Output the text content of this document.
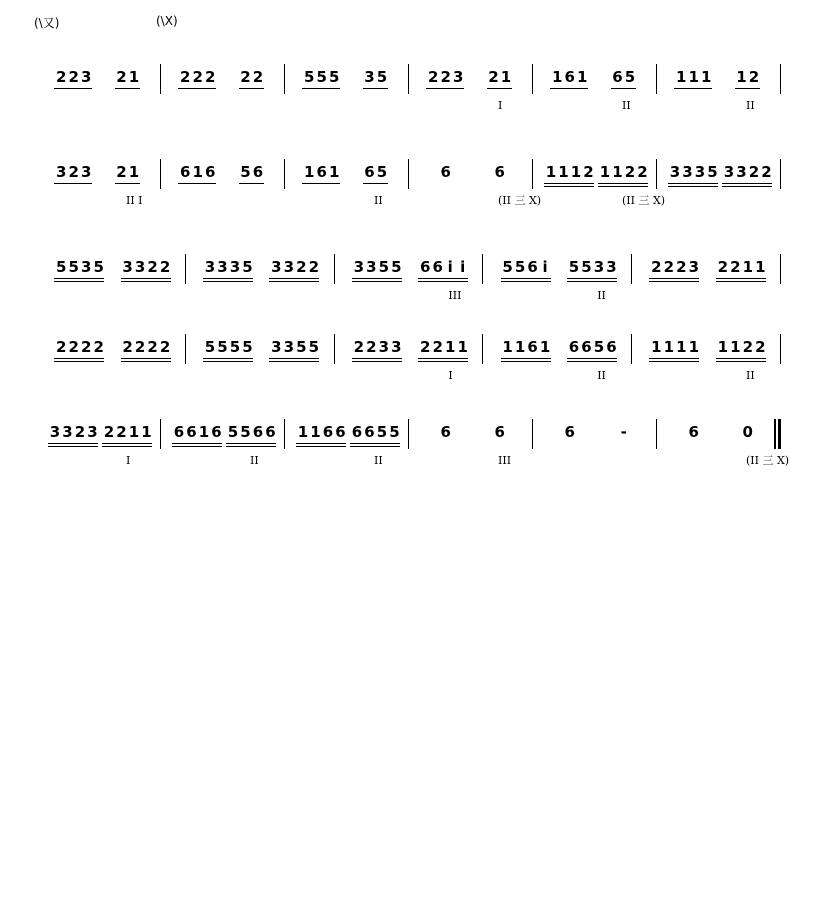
(\又)	(\X)
2 2 3 2 1	2 2 2 2 2	5 5 5 3 5	2 2 3 2 1
I
1 6 1 6 5
II
1 1 1 1 2
II
3 2 3 2 1
II I
6 1 6 5 6	1 6 1 6 5
II
6	6
(II 三 X)
1 1 1 2 1 1 2 2
(II 三 X)
3 3 3 5 3 3 2 2
5 5 3 5 3 3 2 2 3 3 3 5 3 3 2 2 3 3 5 5 6 6 i i
III
5 5 6 i 5 5 3 3
II
2 2 2 3 2 2 1 1
2 2 2 2 2 2 2 2 5 5 5 5 3 3 5 5 2 2 3 3 2 2 1 1
I
1 1 6 1 6 6 5 6
II
1 1 1 1 1 1 2 2
II
3 3 2 3 2 2 1 1
I
6 6 1 6 5 5 6 6
II
1 1 6 6 6 6 5 5
II
6	6
III
6	-	6	0
(II 三 X)
